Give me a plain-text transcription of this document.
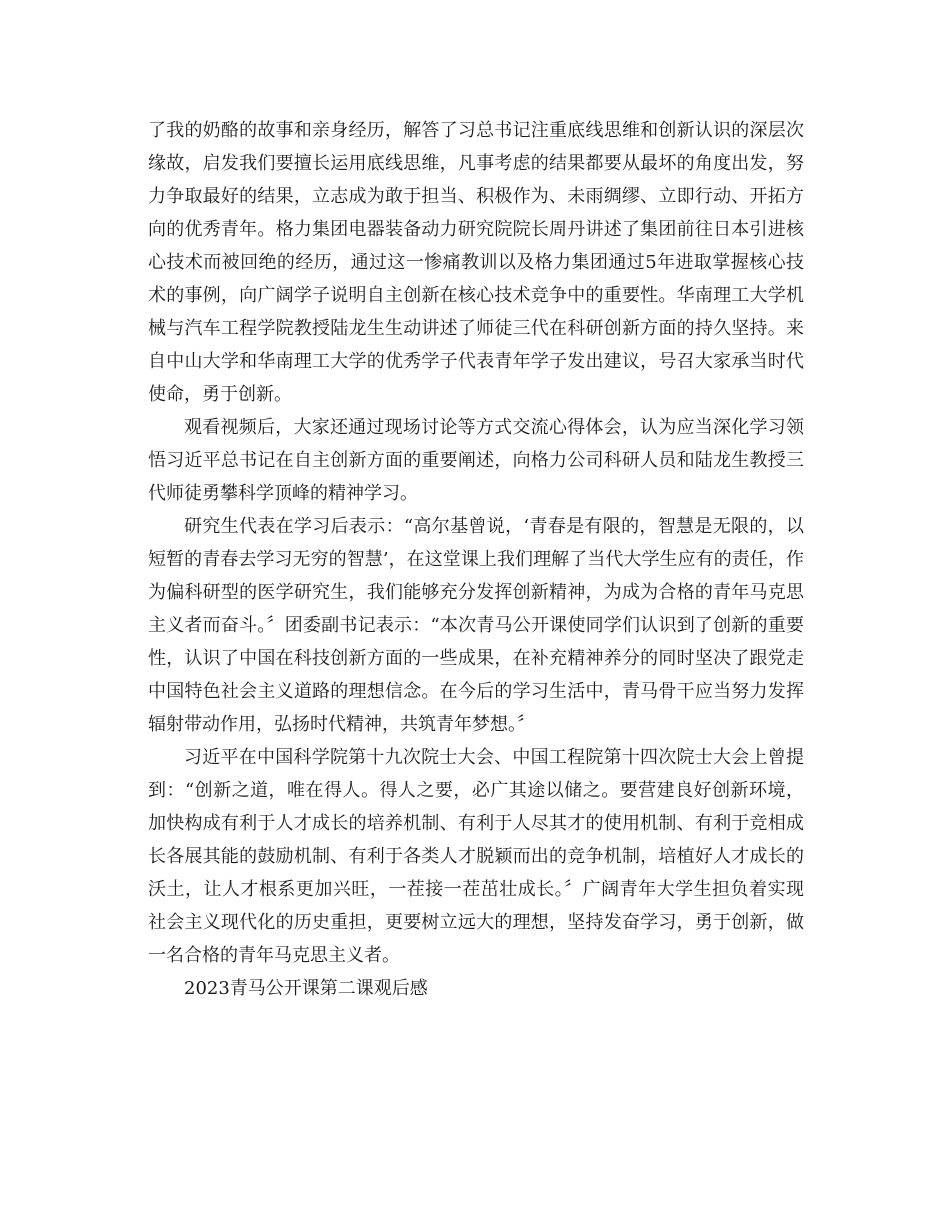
了我的奶酪的故事和亲身经历，解答了习总书记注重底线思维和创新认识的深层次缘故，启发我们要擅长运用底线思维，凡事考虑的结果都要从最坏的角度出发，努力争取最好的结果，立志成为敢于担当、积极作为、未雨绸缪、立即行动、开拓方向的优秀青年。格力集团电器装备动力研究院院长周丹讲述了集团前往日本引进核心技术而被回绝的经历，通过这一惨痛教训以及格力集团通过5年进取掌握核心技术的事例，向广阔学子说明自主创新在核心技术竞争中的重要性。华南理工大学机械与汽车工程学院教授陆龙生生动讲述了师徒三代在科研创新方面的持久坚持。来自中山大学和华南理工大学的优秀学子代表青年学子发出建议，号召大家承当时代使命，勇于创新。

观看视频后，大家还通过现场讨论等方式交流心得体会，认为应当深化学习领悟习近平总书记在自主创新方面的重要阐述，向格力公司科研人员和陆龙生教授三代师徒勇攀科学顶峰的精神学习。

研究生代表在学习后表示：“高尔基曾说，‘青春是有限的，智慧是无限的，以短暂的青春去学习无穷的智慧’，在这堂课上我们理解了当代大学生应有的责任，作为偏科研型的医学研究生，我们能够充分发挥创新精神，为成为合格的青年马克思主义者而奋斗。〞团委副书记表示：“本次青马公开课使同学们认识到了创新的重要性，认识了中国在科技创新方面的一些成果，在补充精神养分的同时坚决了跟党走中国特色社会主义道路的理想信念。在今后的学习生活中，青马骨干应当努力发挥辐射带动作用，弘扬时代精神，共筑青年梦想。〞

习近平在中国科学院第十九次院士大会、中国工程院第十四次院士大会上曾提到：“创新之道，唯在得人。得人之要，必广其途以储之。要营建良好创新环境，加快构成有利于人才成长的培养机制、有利于人尽其才的使用机制、有利于竞相成长各展其能的鼓励机制、有利于各类人才脱颖而出的竞争机制，培植好人才成长的沃土，让人才根系更加兴旺，一茬接一茬茁壮成长。〞广阔青年大学生担负着实现社会主义现代化的历史重担，更要树立远大的理想，坚持发奋学习，勇于创新，做一名合格的青年马克思主义者。

2023青马公开课第二课观后感
